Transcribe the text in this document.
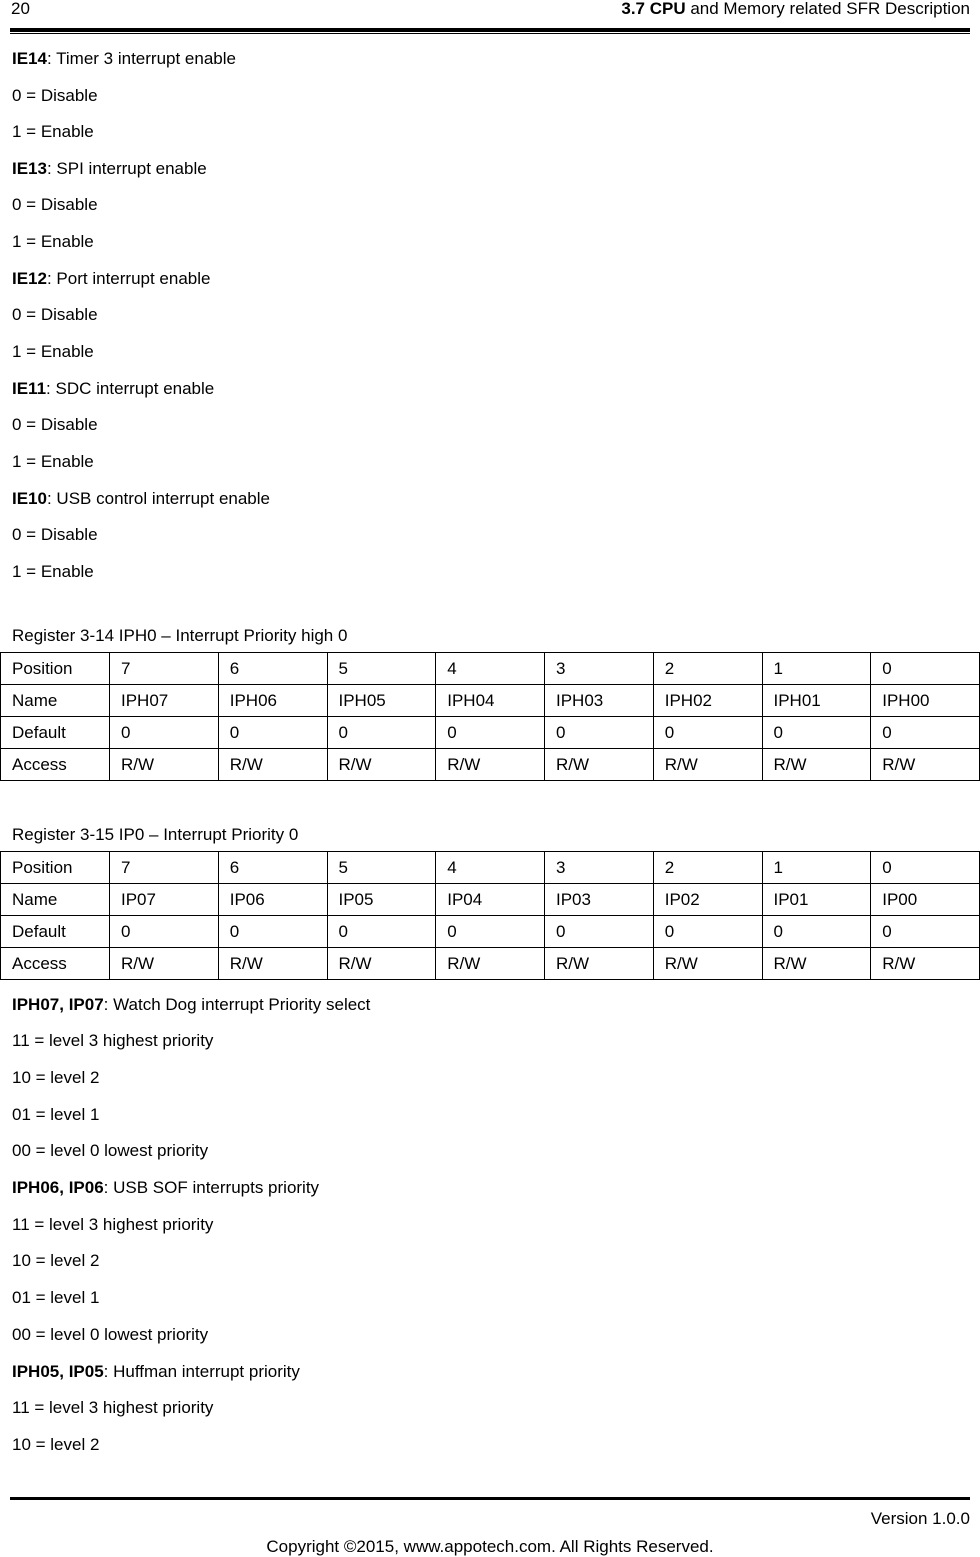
20	3.7 CPU and Memory related SFR Description
IE14: Timer 3 interrupt enable
0 = Disable
1 = Enable
IE13: SPI interrupt enable
0 = Disable
1 = Enable
IE12: Port interrupt enable
0 = Disable
1 = Enable
IE11: SDC interrupt enable
0 = Disable
1 = Enable
IE10: USB control interrupt enable
0 = Disable
1 = Enable
Register 3-14 IPH0 – Interrupt Priority high 0
Position	7	6	5	4	3	2	1	0
Name	IPH07	IPH06	IPH05	IPH04	IPH03	IPH02	IPH01	IPH00
Default	0	0	0	0	0	0	0	0
Access	R/W	R/W	R/W	R/W	R/W	R/W	R/W	R/W
Register 3-15 IP0 – Interrupt Priority 0
Position	7	6	5	4	3	2	1	0
Name	IP07	IP06	IP05	IP04	IP03	IP02	IP01	IP00
Default	0	0	0	0	0	0	0	0
Access	R/W	R/W	R/W	R/W	R/W	R/W	R/W	R/W
IPH07, IP07: Watch Dog interrupt Priority select
11 = level 3 highest priority
10 = level 2
01 = level 1
00 = level 0 lowest priority
IPH06, IP06: USB SOF interrupts priority
11 = level 3 highest priority
10 = level 2
01 = level 1
00 = level 0 lowest priority
IPH05, IP05: Huffman interrupt priority
11 = level 3 highest priority
10 = level 2
Version 1.0.0
Copyright ©2015, www.appotech.com. All Rights Reserved.
